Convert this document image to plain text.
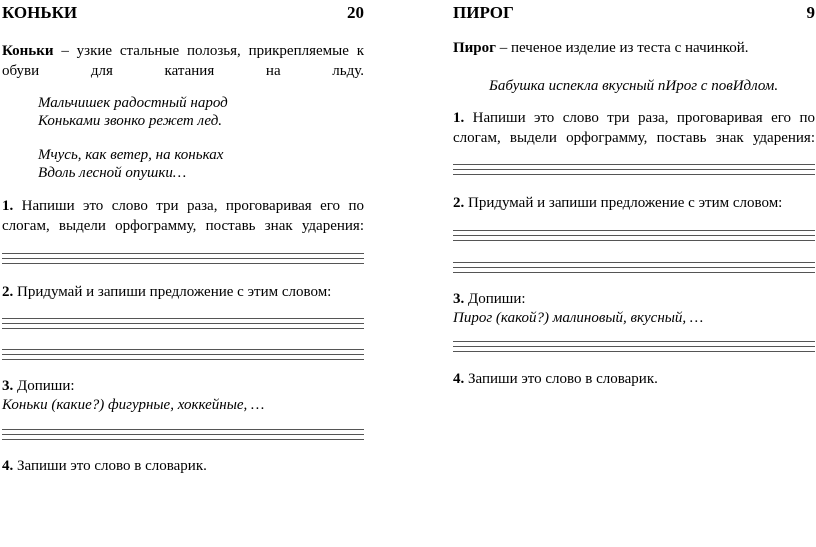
КОНЬКИ	20
Коньки – узкие стальные полозья, прикрепляемые к обуви для катания на льду.
Мальчишек радостный народ
Коньками звонко режет лед.
Мчусь, как ветер, на коньках
Вдоль лесной опушки…
1. Напиши это слово три раза, проговаривая его по слогам, выдели орфограмму, поставь знак ударения:
2. Придумай и запиши предложение с этим словом:
3. Допиши:
Коньки (какие?) фигурные, хоккейные, …
4. Запиши это слово в словарик.
ПИРОГ	9
Пирог – печеное изделие из теста с начинкой.
Бабушка испекла вкусный пИрог с повИдлом.
1. Напиши это слово три раза, проговаривая его по слогам, выдели орфограмму, поставь знак ударения:
2. Придумай и запиши предложение с этим словом:
3. Допиши:
Пирог (какой?) малиновый, вкусный, …
4. Запиши это слово в словарик.
